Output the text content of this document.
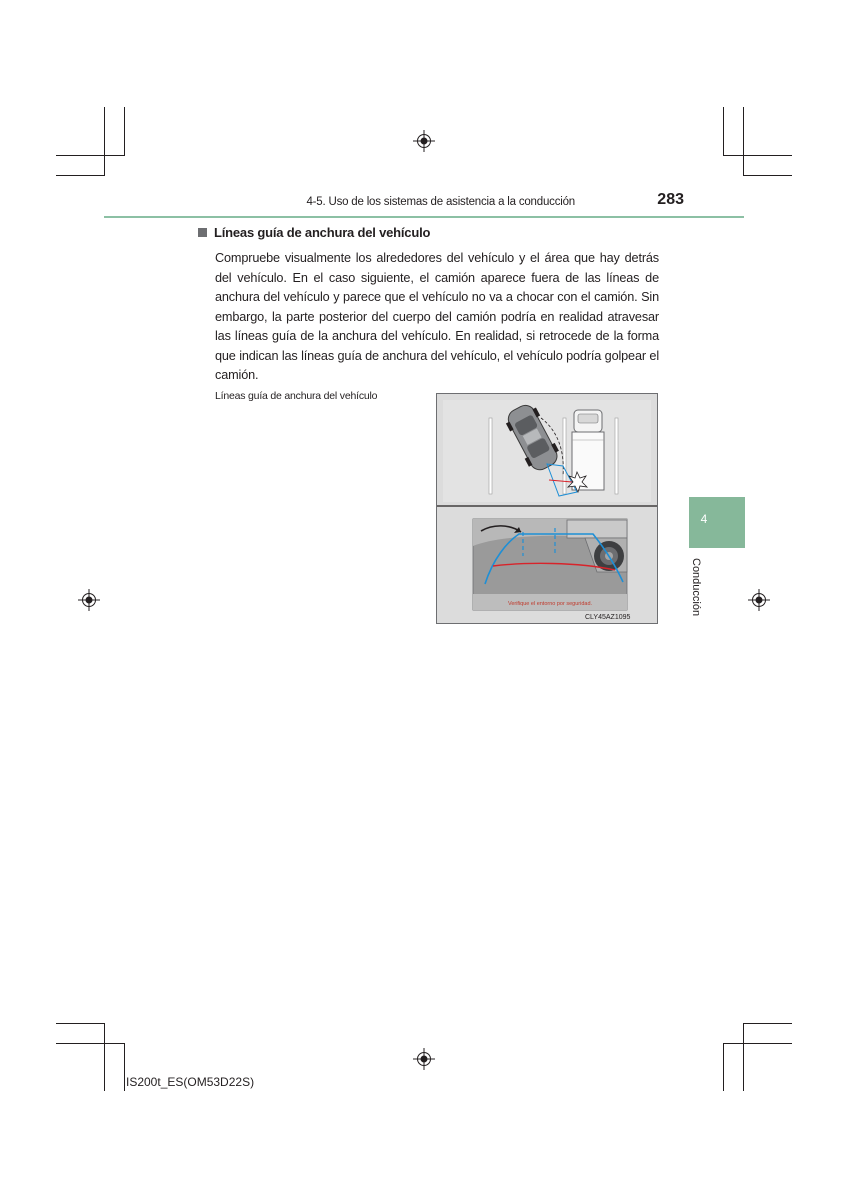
4-5. Uso de los sistemas de asistencia a la conducción	283
4
Conducción
Líneas guía de anchura del vehículo
Compruebe visualmente los alrededores del vehículo y el área que hay detrás del vehículo. En el caso siguiente, el camión aparece fuera de las líneas de anchura del vehículo y parece que el vehículo no va a chocar con el camión. Sin embargo, la parte posterior del cuerpo del camión podría en realidad atravesar las líneas guía de la anchura del vehículo. En realidad, si retrocede de la forma que indican las líneas guía de anchura del vehículo, el vehículo podría golpear el camión.
Líneas guía de anchura del vehículo
Verifique el entorno por seguridad.
CLY45AZ1095
IS200t_ES(OM53D22S)
